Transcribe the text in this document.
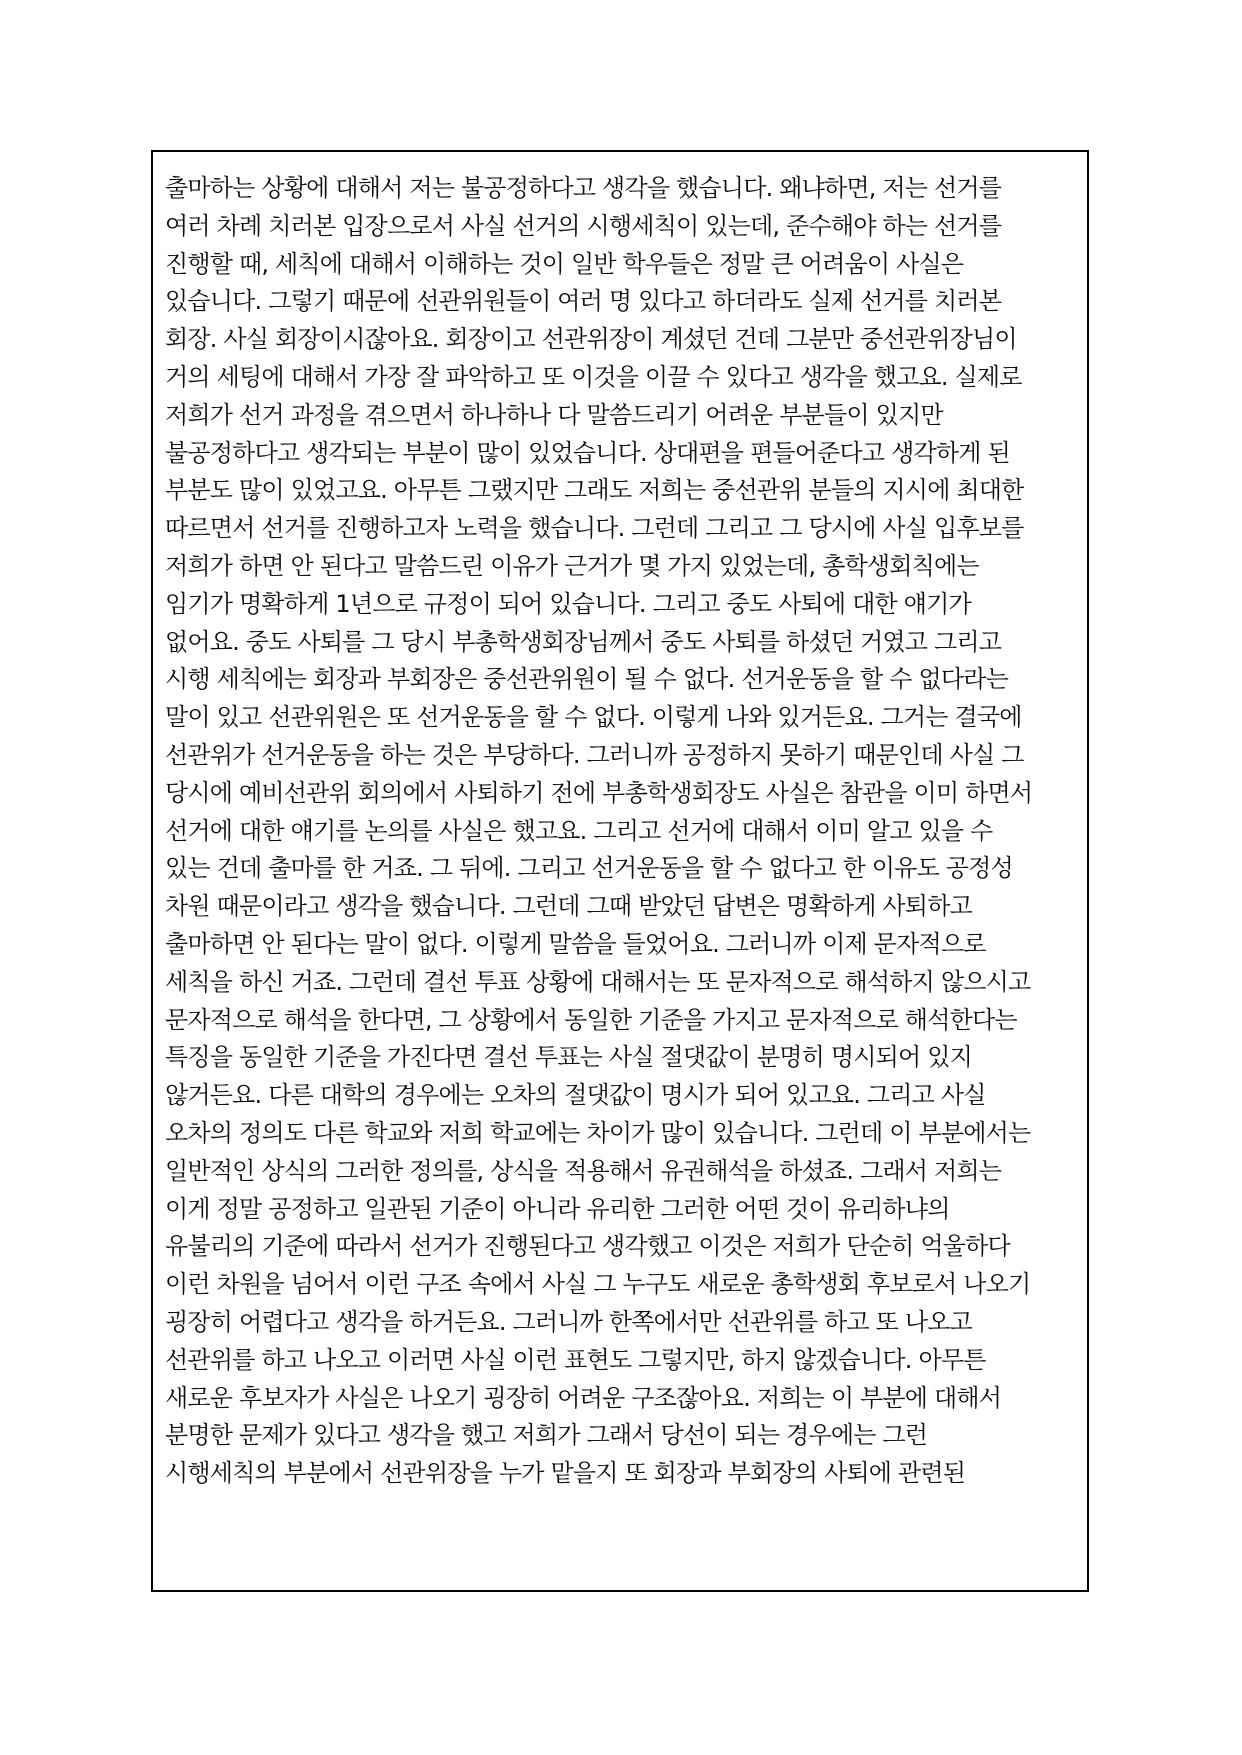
출마하는 상황에 대해서 저는 불공정하다고 생각을 했습니다. 왜냐하면, 저는 선거를
여러 차례 치러본 입장으로서 사실 선거의 시행세칙이 있는데, 준수해야 하는 선거를
진행할 때, 세칙에 대해서 이해하는 것이 일반 학우들은 정말 큰 어려움이 사실은
있습니다. 그렇기 때문에 선관위원들이 여러 명 있다고 하더라도 실제 선거를 치러본
회장. 사실 회장이시잖아요. 회장이고 선관위장이 계셨던 건데 그분만 중선관위장님이
거의 세팅에 대해서 가장 잘 파악하고 또 이것을 이끌 수 있다고 생각을 했고요. 실제로
저희가 선거 과정을 겪으면서 하나하나 다 말씀드리기 어려운 부분들이 있지만
불공정하다고 생각되는 부분이 많이 있었습니다. 상대편을 편들어준다고 생각하게 된
부분도 많이 있었고요. 아무튼 그랬지만 그래도 저희는 중선관위 분들의 지시에 최대한
따르면서 선거를 진행하고자 노력을 했습니다. 그런데 그리고 그 당시에 사실 입후보를
저희가 하면 안 된다고 말씀드린 이유가 근거가 몇 가지 있었는데, 총학생회칙에는
임기가 명확하게 1년으로 규정이 되어 있습니다. 그리고 중도 사퇴에 대한 얘기가
없어요. 중도 사퇴를 그 당시 부총학생회장님께서 중도 사퇴를 하셨던 거였고 그리고
시행 세칙에는 회장과 부회장은 중선관위원이 될 수 없다. 선거운동을 할 수 없다라는
말이 있고 선관위원은 또 선거운동을 할 수 없다. 이렇게 나와 있거든요. 그거는 결국에
선관위가 선거운동을 하는 것은 부당하다. 그러니까 공정하지 못하기 때문인데 사실 그
당시에 예비선관위 회의에서 사퇴하기 전에 부총학생회장도 사실은 참관을 이미 하면서
선거에 대한 얘기를 논의를 사실은 했고요. 그리고 선거에 대해서 이미 알고 있을 수
있는 건데 출마를 한 거죠. 그 뒤에. 그리고 선거운동을 할 수 없다고 한 이유도 공정성
차원 때문이라고 생각을 했습니다. 그런데 그때 받았던 답변은 명확하게 사퇴하고
출마하면 안 된다는 말이 없다. 이렇게 말씀을 들었어요. 그러니까 이제 문자적으로
세칙을 하신 거죠. 그런데 결선 투표 상황에 대해서는 또 문자적으로 해석하지 않으시고
문자적으로 해석을 한다면, 그 상황에서 동일한 기준을 가지고 문자적으로 해석한다는
특징을 동일한 기준을 가진다면 결선 투표는 사실 절댓값이 분명히 명시되어 있지
않거든요. 다른 대학의 경우에는 오차의 절댓값이 명시가 되어 있고요. 그리고 사실
오차의 정의도 다른 학교와 저희 학교에는 차이가 많이 있습니다. 그런데 이 부분에서는
일반적인 상식의 그러한 정의를, 상식을 적용해서 유권해석을 하셨죠. 그래서 저희는
이게 정말 공정하고 일관된 기준이 아니라 유리한 그러한 어떤 것이 유리하냐의
유불리의 기준에 따라서 선거가 진행된다고 생각했고 이것은 저희가 단순히 억울하다
이런 차원을 넘어서 이런 구조 속에서 사실 그 누구도 새로운 총학생회 후보로서 나오기
굉장히 어렵다고 생각을 하거든요. 그러니까 한쪽에서만 선관위를 하고 또 나오고
선관위를 하고 나오고 이러면 사실 이런 표현도 그렇지만, 하지 않겠습니다. 아무튼
새로운 후보자가 사실은 나오기 굉장히 어려운 구조잖아요. 저희는 이 부분에 대해서
분명한 문제가 있다고 생각을 했고 저희가 그래서 당선이 되는 경우에는 그런
시행세칙의 부분에서 선관위장을 누가 맡을지 또 회장과 부회장의 사퇴에 관련된
